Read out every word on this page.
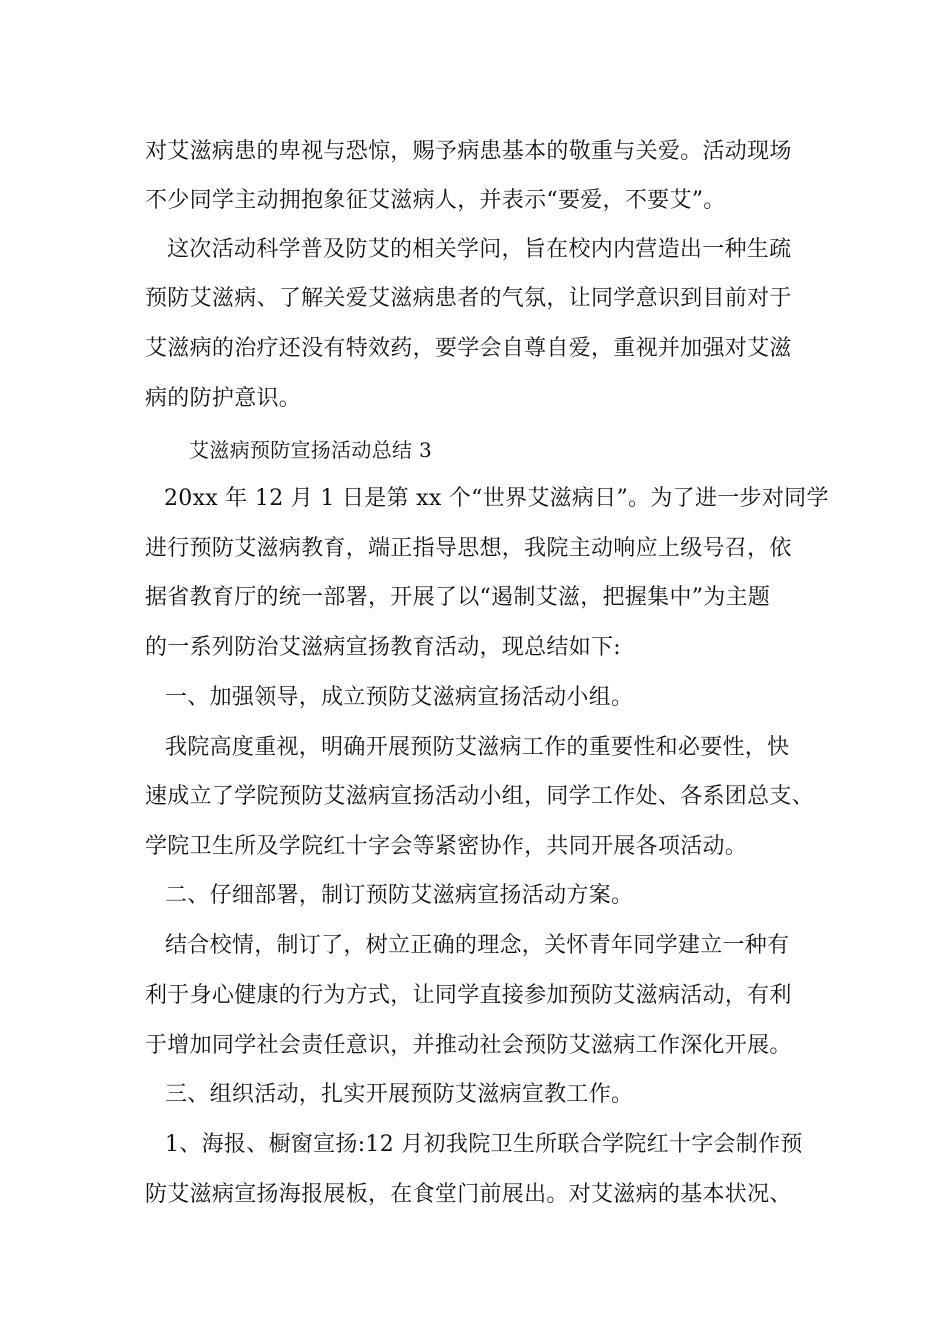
对艾滋病患的卑视与恐惊，赐予病患基本的敬重与关爱。活动现场
不少同学主动拥抱象征艾滋病人，并表示“要爱，不要艾”。
这次活动科学普及防艾的相关学问，旨在校内内营造出一种生疏
预防艾滋病、了解关爱艾滋病患者的气氛，让同学意识到目前对于
艾滋病的治疗还没有特效药，要学会自尊自爱，重视并加强对艾滋
病的防护意识。
艾滋病预防宣扬活动总结 3
20xx 年 12 月 1 日是第 xx 个“世界艾滋病日”。为了进一步对同学
进行预防艾滋病教育，端正指导思想，我院主动响应上级号召，依
据省教育厅的统一部署，开展了以“遏制艾滋，把握集中”为主题
的一系列防治艾滋病宣扬教育活动，现总结如下:
一、加强领导，成立预防艾滋病宣扬活动小组。
我院高度重视，明确开展预防艾滋病工作的重要性和必要性，快
速成立了学院预防艾滋病宣扬活动小组，同学工作处、各系团总支、
学院卫生所及学院红十字会等紧密协作，共同开展各项活动。
二、仔细部署，制订预防艾滋病宣扬活动方案。
结合校情，制订了，树立正确的理念，关怀青年同学建立一种有
利于身心健康的行为方式，让同学直接参加预防艾滋病活动，有利
于增加同学社会责任意识，并推动社会预防艾滋病工作深化开展。
三、组织活动，扎实开展预防艾滋病宣教工作。
1、海报、橱窗宣扬:12 月初我院卫生所联合学院红十字会制作预
防艾滋病宣扬海报展板，在食堂门前展出。对艾滋病的基本状况、
